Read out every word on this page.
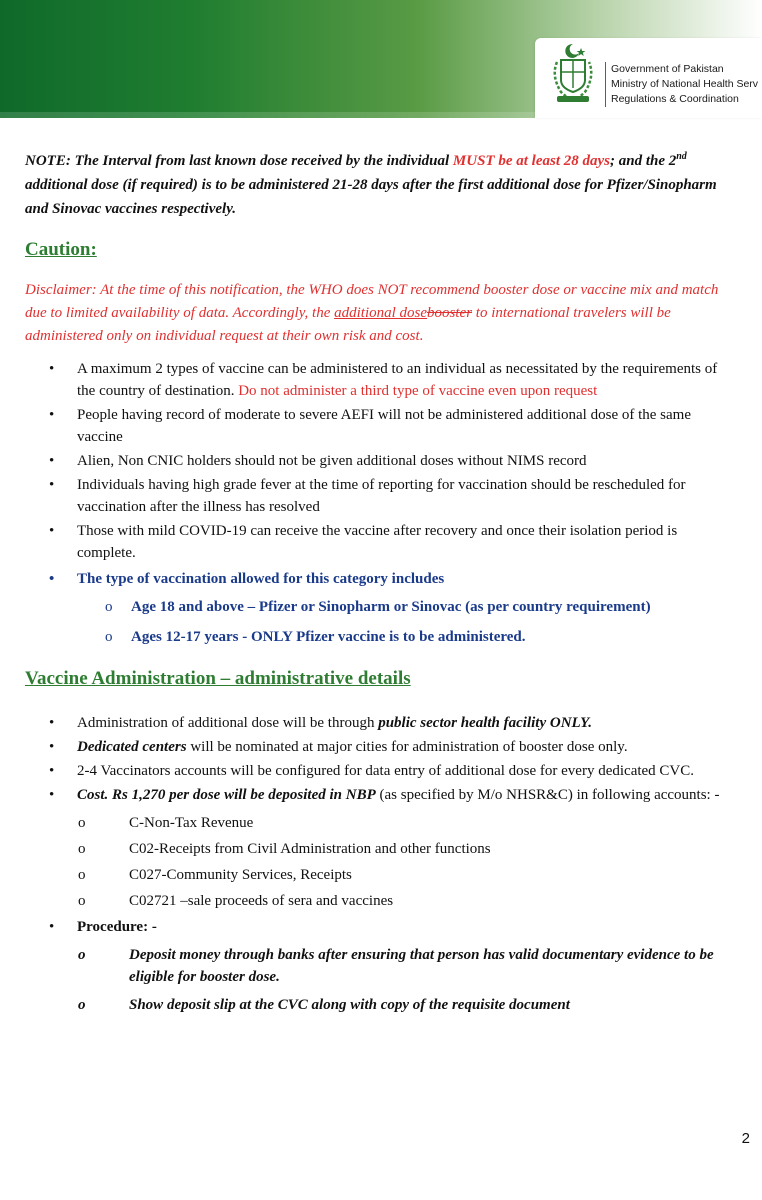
Government of Pakistan
Ministry of National Health Serv
Regulations & Coordination

NOTE: The Interval from last known dose received by the individual MUST be at least 28 days; and the 2nd additional dose (if required) is to be administered 21-28 days after the first additional dose for Pfizer/Sinopharm and Sinovac vaccines respectively.

Caution:

Disclaimer: At the time of this notification, the WHO does NOT recommend booster dose or vaccine mix and match due to limited availability of data. Accordingly, the additional dosebooster to international travelers will be administered only on individual request at their own risk and cost.

• A maximum 2 types of vaccine can be administered to an individual as necessitated by the requirements of the country of destination. Do not administer a third type of vaccine even upon request
• People having record of moderate to severe AEFI will not be administered additional dose of the same vaccine
• Alien, Non CNIC holders should not be given additional doses without NIMS record
• Individuals having high grade fever at the time of reporting for vaccination should be rescheduled for vaccination after the illness has resolved
• Those with mild COVID-19 can receive the vaccine after recovery and once their isolation period is complete.
• The type of vaccination allowed for this category includes
o Age 18 and above – Pfizer or Sinopharm or Sinovac (as per country requirement)
o Ages 12-17 years - ONLY Pfizer vaccine is to be administered.
Vaccine Administration – administrative details
• Administration of additional dose will be through public sector health facility ONLY.
• Dedicated centers will be nominated at major cities for administration of booster dose only.
• 2-4 Vaccinators accounts will be configured for data entry of additional dose for every dedicated CVC.
• Cost. Rs 1,270 per dose will be deposited in NBP (as specified by M/o NHSR&C) in following accounts: -
o C-Non-Tax Revenue
o C02-Receipts from Civil Administration and other functions
o C027-Community Services, Receipts
o C02721 –sale proceeds of sera and vaccines
• Procedure: -
o Deposit money through banks after ensuring that person has valid documentary evidence to be eligible for booster dose.
o Show deposit slip at the CVC along with copy of the requisite document
2
